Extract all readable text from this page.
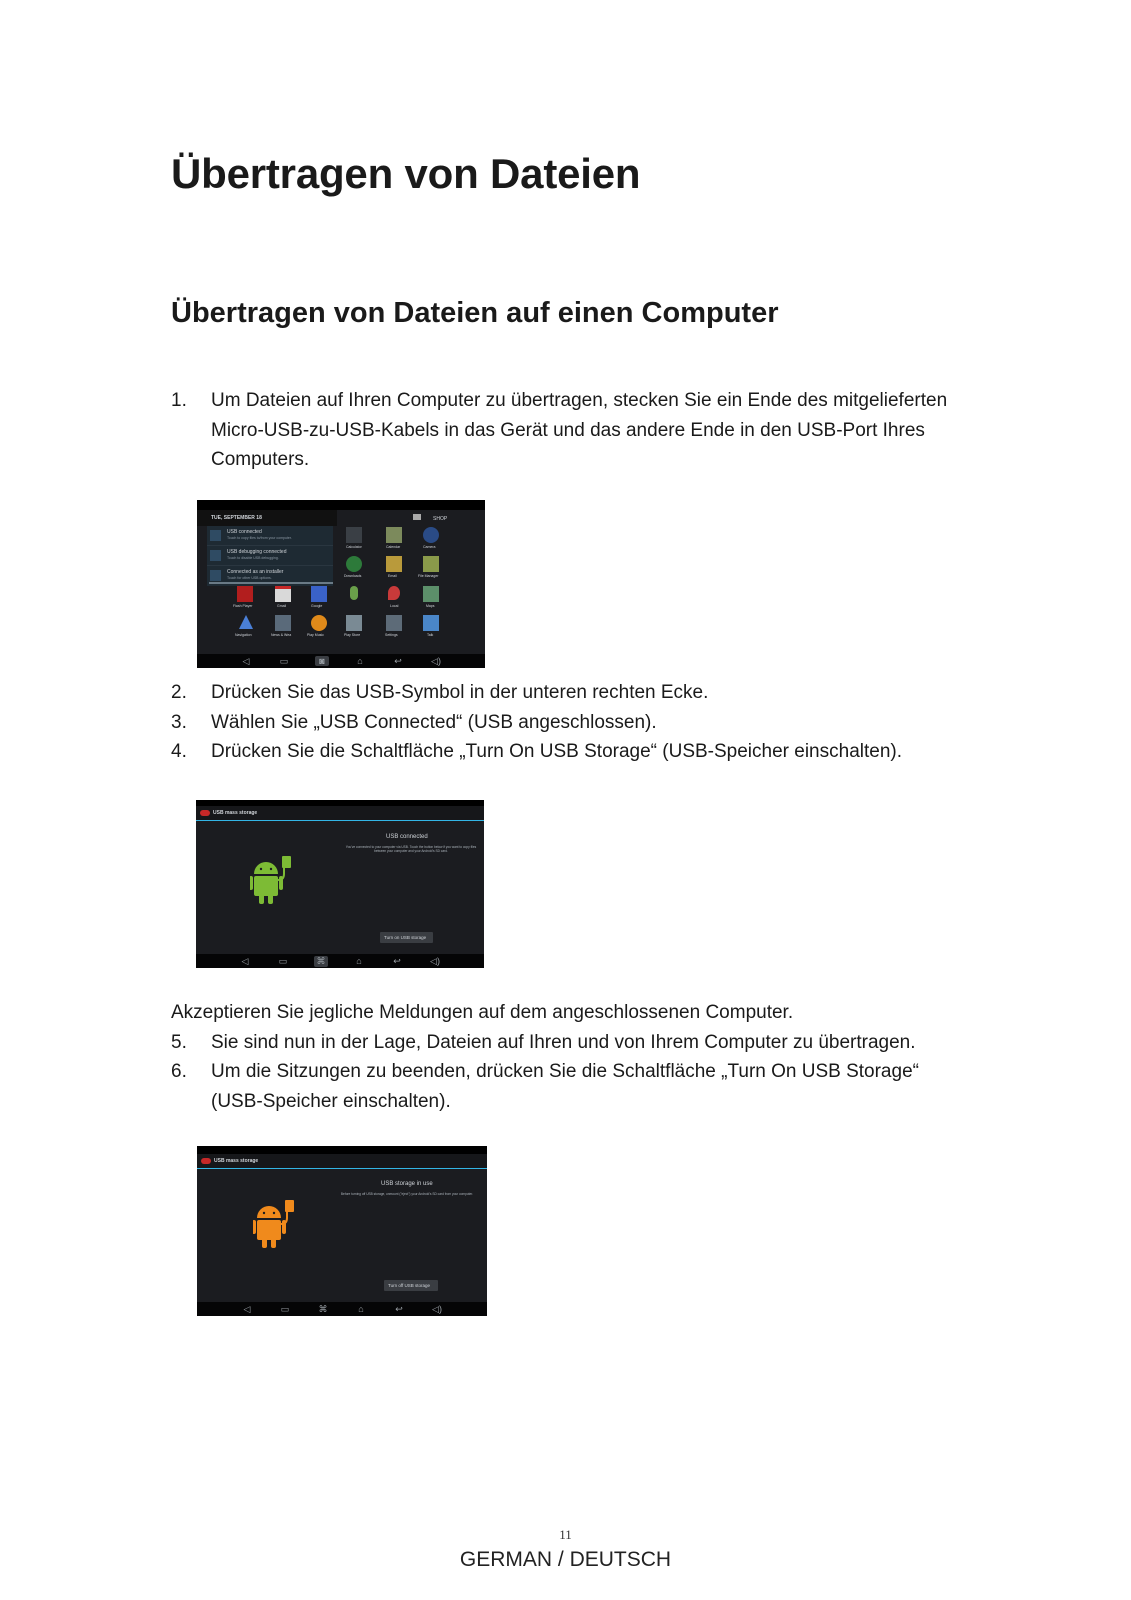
Übertragen von Dateien
Übertragen von Dateien auf einen Computer
1. Um Dateien auf Ihren Computer zu übertragen, stecken Sie ein Ende des mitgelieferten Micro-USB-zu-USB-Kabels in das Gerät und das andere Ende in den USB-Port Ihres Computers.
TUE, SEPTEMBER 18	SHOP
USB connected
Touch to copy files to/from your computer.
USB debugging connected
Touch to disable USB debugging.
Connected as an installer
Touch for other USB options.
Calculator	Calendar	Camera
Downloads	Email	File Manager
Flash Player	Gmail	Google	Local	Maps
Navigation	News & Wea	Play Music	Play Store	Settings	Talk
◁	▭	◙	⌂	↩	◁)
2. Drücken Sie das USB-Symbol in der unteren rechten Ecke.
3. Wählen Sie „USB Connected“ (USB angeschlossen).
4. Drücken Sie die Schaltfläche „Turn On USB Storage“ (USB-Speicher einschalten).
USB mass storage
USB connected
You've connected to your computer via USB. Touch the button below if you want to copy files between your computer and your Android's SD card.
Turn on USB storage
◁	▭	⌘	⌂	↩	◁)
Akzeptieren Sie jegliche Meldungen auf dem angeschlossenen Computer.
5. Sie sind nun in der Lage, Dateien auf Ihren und von Ihrem Computer zu übertragen.
6. Um die Sitzungen zu beenden, drücken Sie die Schaltfläche „Turn On USB Storage“ (USB-Speicher einschalten).
USB mass storage
USB storage in use
Before turning off USB storage, unmount ("eject") your Android's SD card from your computer.
Turn off USB storage
◁	▭	⌘	⌂	↩	◁)
11
GERMAN / DEUTSCH
